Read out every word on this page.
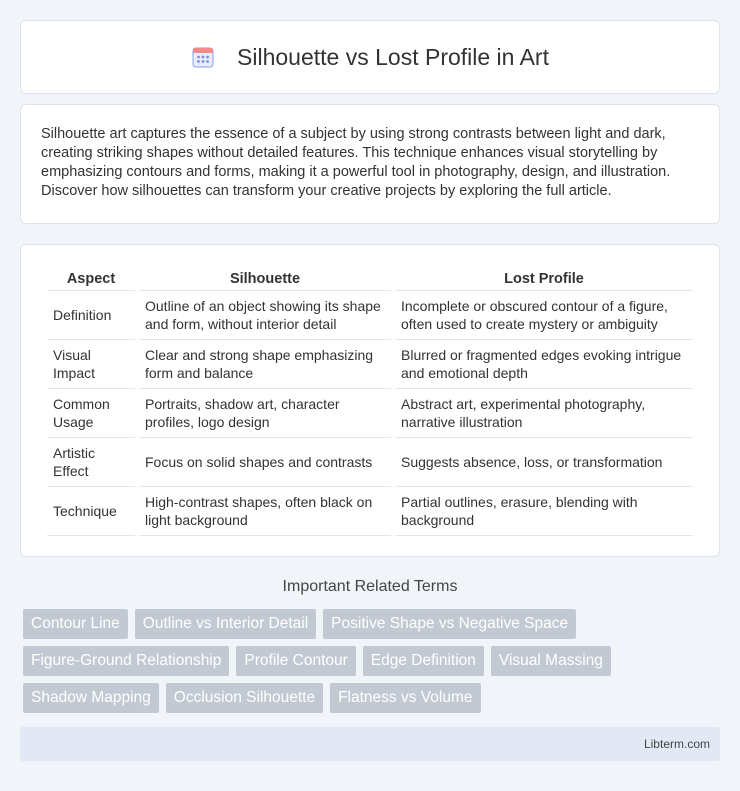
Silhouette vs Lost Profile in Art

Silhouette art captures the essence of a subject by using strong contrasts between light and dark, creating striking shapes without detailed features. This technique enhances visual storytelling by emphasizing contours and forms, making it a powerful tool in photography, design, and illustration. Discover how silhouettes can transform your creative projects by exploring the full article.

Aspect	Silhouette	Lost Profile
Definition	Outline of an object showing its shape and form, without interior detail	Incomplete or obscured contour of a figure, often used to create mystery or ambiguity
Visual Impact	Clear and strong shape emphasizing form and balance	Blurred or fragmented edges evoking intrigue and emotional depth
Common Usage	Portraits, shadow art, character profiles, logo design	Abstract art, experimental photography, narrative illustration
Artistic Effect	Focus on solid shapes and contrasts	Suggests absence, loss, or transformation
Technique	High-contrast shapes, often black on light background	Partial outlines, erasure, blending with background
Important Related Terms
Contour Line	Outline vs Interior Detail	Positive Shape vs Negative Space
Figure-Ground Relationship	Profile Contour	Edge Definition	Visual Massing
Shadow Mapping	Occlusion Silhouette	Flatness vs Volume
Libterm.com
